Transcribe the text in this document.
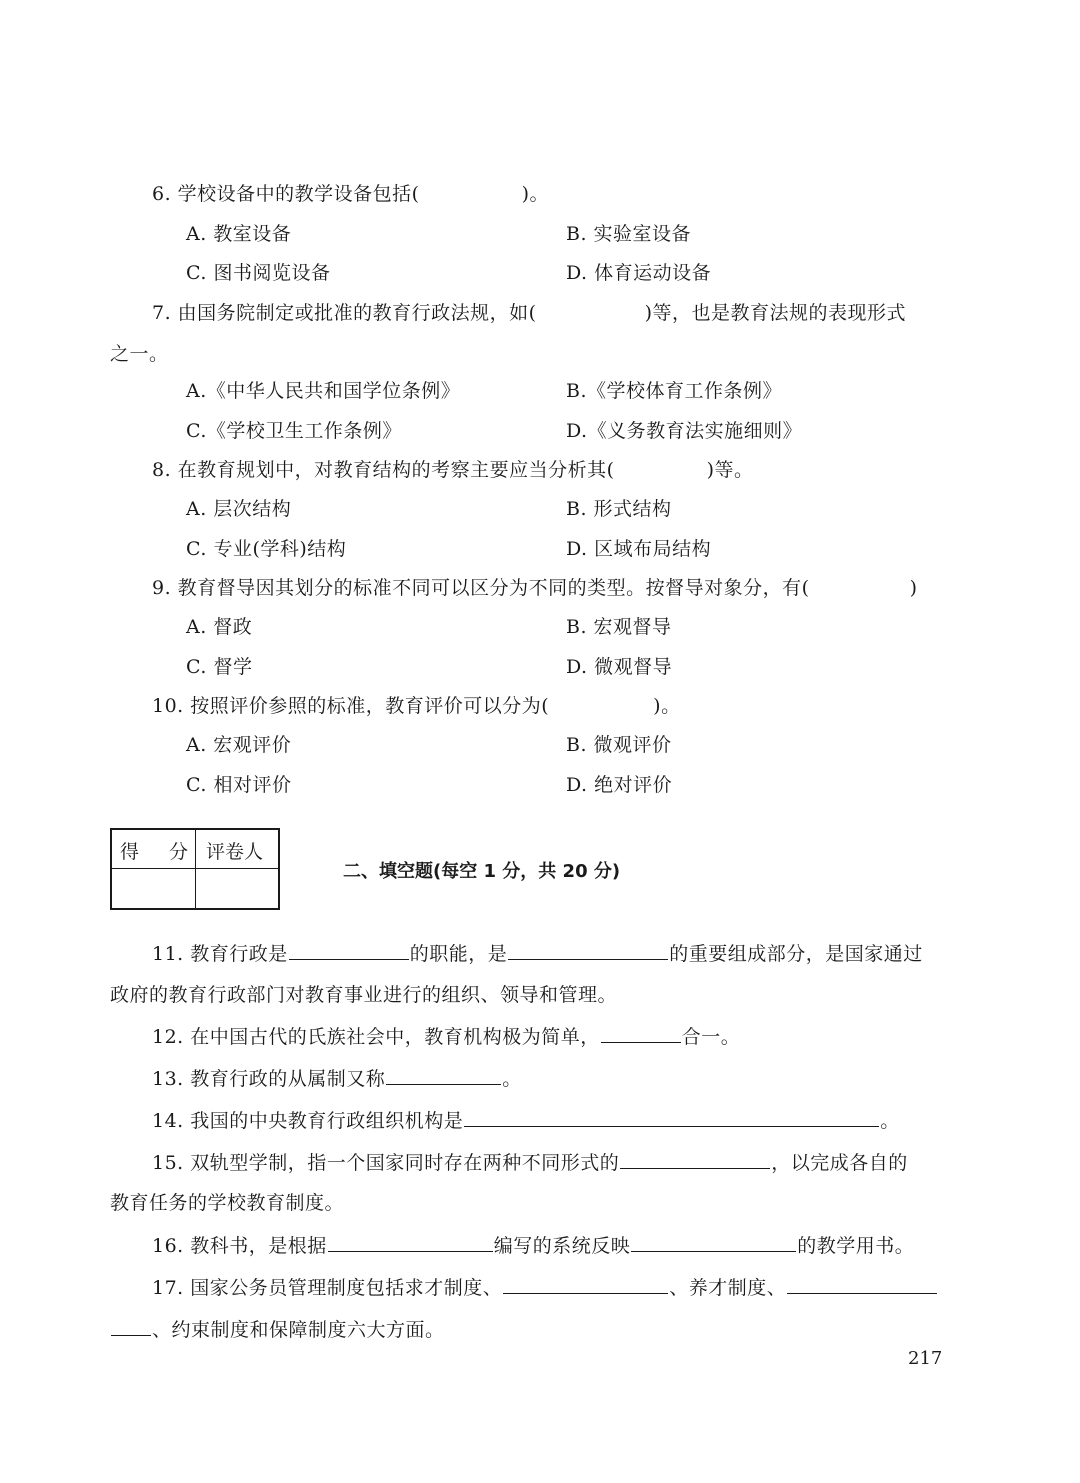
6. 学校设备中的教学设备包括(	)。
A. 教室设备	B. 实验室设备
C. 图书阅览设备	D. 体育运动设备
7. 由国务院制定或批准的教育行政法规，如(	)等，也是教育法规的表现形式
之一。
A.《中华人民共和国学位条例》	B.《学校体育工作条例》
C.《学校卫生工作条例》	D.《义务教育法实施细则》
8. 在教育规划中，对教育结构的考察主要应当分析其(	)等。
A. 层次结构	B. 形式结构
C. 专业(学科)结构	D. 区域布局结构
9. 教育督导因其划分的标准不同可以区分为不同的类型。按督导对象分，有(	)
A. 督政	B. 宏观督导
C. 督学	D. 微观督导
10. 按照评价参照的标准，教育评价可以分为(	)。
A. 宏观评价	B. 微观评价
C. 相对评价	D. 绝对评价
得 分 评卷人
二、填空题(每空 1 分，共 20 分)
11. 教育行政是	的职能，是	的重要组成部分，是国家通过
政府的教育行政部门对教育事业进行的组织、领导和管理。
12. 在中国古代的氏族社会中，教育机构极为简单，	合一。
13. 教育行政的从属制又称	。
14. 我国的中央教育行政组织机构是	。
15. 双轨型学制，指一个国家同时存在两种不同形式的	，以完成各自的
教育任务的学校教育制度。
16. 教科书，是根据	编写的系统反映	的教学用书。
17. 国家公务员管理制度包括求才制度、	、养才制度、
、约束制度和保障制度六大方面。
217
